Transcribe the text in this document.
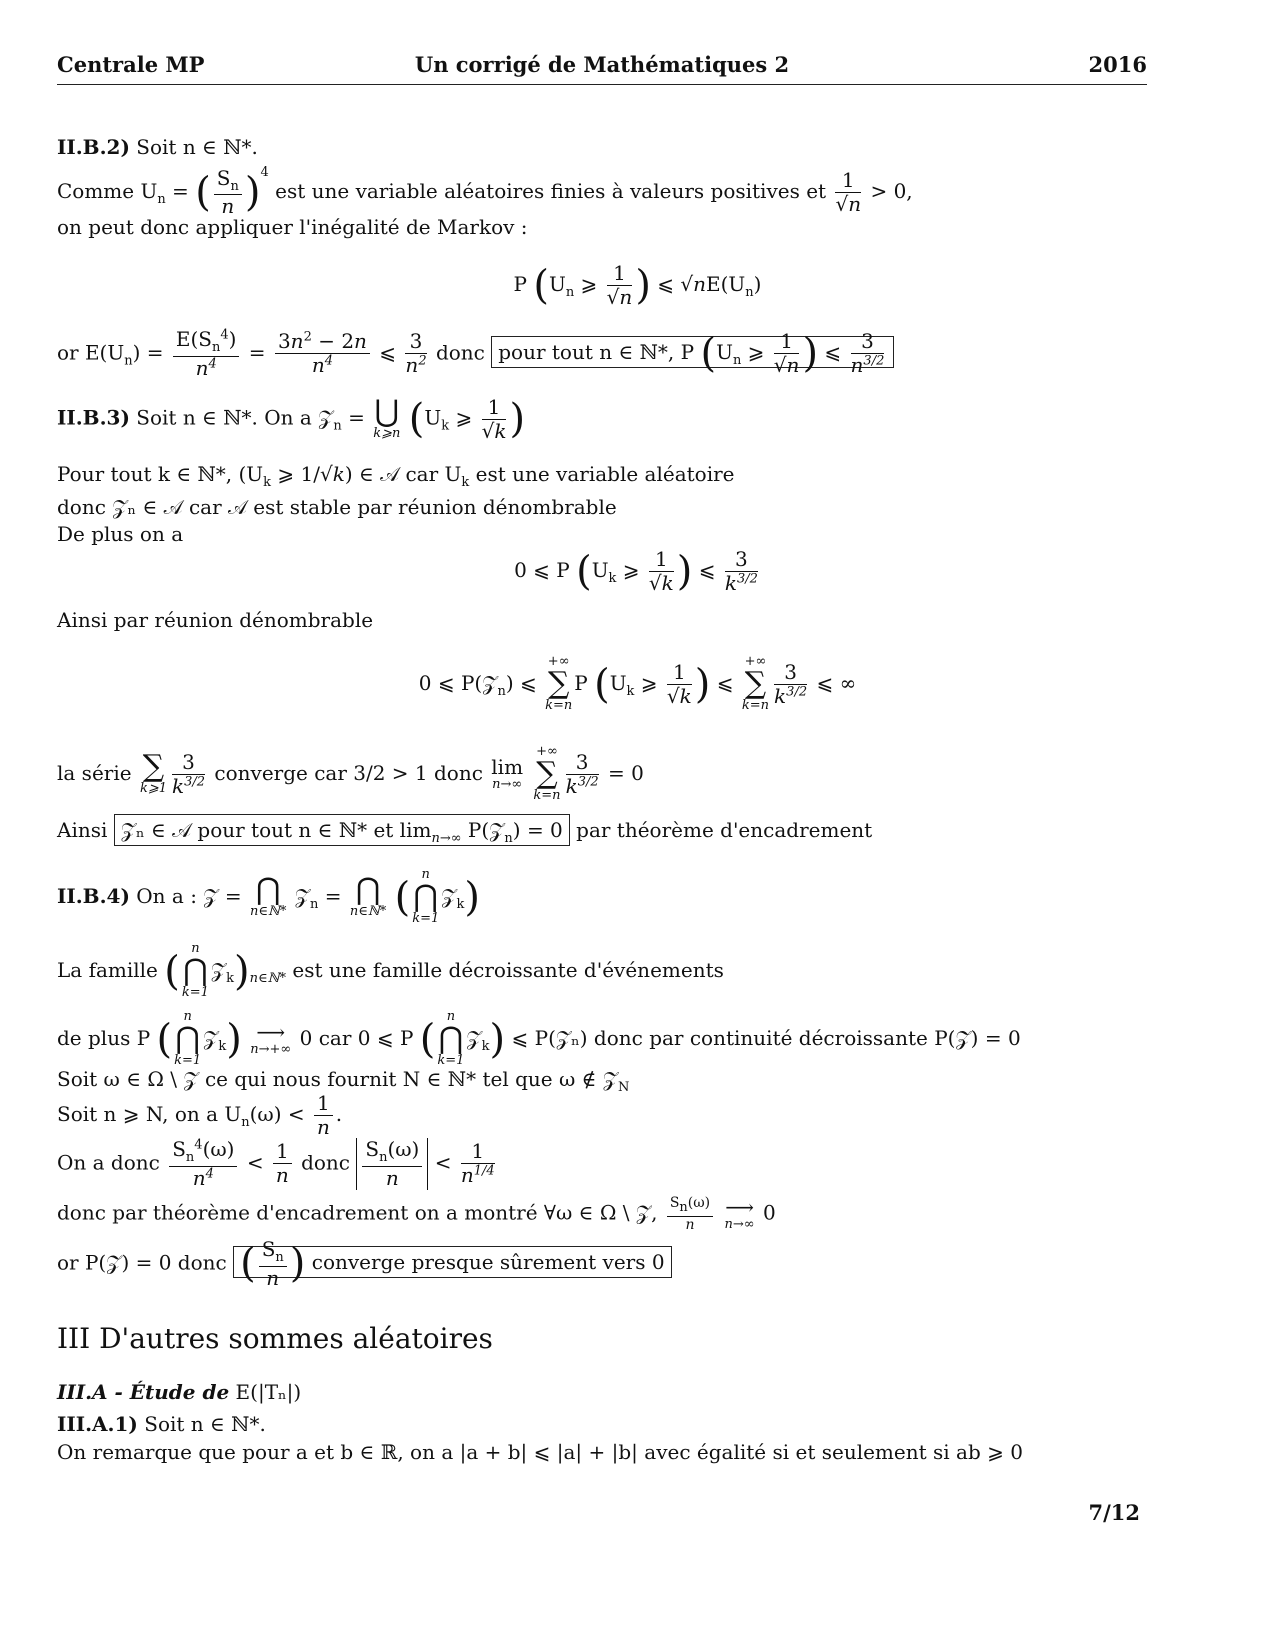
Centrale MP	Un corrigé de Mathématiques 2	2016
II.B.2) Soit n ∈ ℕ*.
Comme $U_n$ = ( $\frac{S_n}{n} )^4$ est une variable aléatoires finies à valeurs positives et $\frac{1}{√n} > 0$,
on peut donc appliquer l'inégalité de Markov :
P ($U_n$ ⩾ $\frac{1}{√n}$ ) ⩽ $√nE(U_n)$
or $E(U_n) = \frac{E(S_n^4)}{n^4} = \frac{3n^2 - 2n}{n^4}$ ⩽ $\frac{3}{n^2}$ donc pour tout n ∈ ℕ*, P ($U_n$ ⩾ $\frac{1}{√n}$ ) ⩽ $\frac{3}{n^{3/2}}$
II.B.3) Soit n ∈ ℕ*. On a 𝒵$_n$ = ⋃
k⩾n ($U_k$ ⩾ $\frac{1}{√k}$ )
Pour tout k ∈ ℕ*, ($U_k$ ⩾ 1/√k) ∈ 𝒜 car $U_k$ est une variable aléatoire
donc 𝒵ₙ ∈ 𝒜 car 𝒜 est stable par réunion dénombrable
De plus on a
0 ⩽ P ($U_k$ ⩾ $\frac{1}{√k}$ ) ⩽ $\frac{3}{k^{3/2}}$
Ainsi par réunion dénombrable
0 ⩽ P(𝒵$_n$) ⩽ +∞
∑
k=nP ($U_k$ ⩾ $\frac{1}{√k}$ ) ⩽ +∞
∑
$k=n \frac{3}{k^{3/2}}$ ⩽ ∞
la série ∑
k⩾1 $\frac{3}{k^{3/2}}$ converge car 3/2 > 1 donc lim
n→∞
+∞
∑
$k=n \frac{3}{k^{3/2}} = 0$
Ainsi 𝒵ₙ ∈ 𝒜 pour tout n ∈ ℕ* et $\lim_{n\to\infty}$ P(𝒵$_n$) = 0 par théorème d'encadrement
II.B.4) On a : 𝒵 = ⋂
n∈ℕ* 𝒵$_n$ = ⋂
n∈ℕ* ( n
⋂
k=1𝒵$_k$)
La famille ( n
⋂
$k=1𝒵_k)_{n\in ℕ*}$ est une famille décroissante d'événements
de plus P ( n
⋂
k=1𝒵$_k$) ⟶
n→+∞ 0 car 0 ⩽ P ( n
⋂
k=1𝒵$_k$) ⩽ P(𝒵ₙ) donc par continuité décroissante P(𝒵) = 0
Soit ω ∈ Ω \ 𝒵 ce qui nous fournit N ∈ ℕ* tel que ω ∉ 𝒵$_N$
Soit n ⩾ N, on a $U_n(\omega) < \frac{1}{n}$ .
On a donc $\frac{S_n^4(\omega)}{n^4} < \frac{1}{n}$ donc $\frac{S_n(\omega)}{n} < \frac{1}{n^{1/4}}$
donc par théorème d'encadrement on a montré ∀ω ∈ Ω \ 𝒵, $\frac{S_n(\omega)}{n}$ ⟶
n→∞ 0
or P(𝒵) = 0 donc ( $\frac{S_n}{n}$ ) converge presque sûrement vers 0
III D'autres sommes aléatoires
III.A - Étude de E(|Tₙ|)
III.A.1) Soit n ∈ ℕ*.
On remarque que pour a et b ∈ ℝ, on a |a + b| ⩽ |a| + |b| avec égalité si et seulement si ab ⩾ 0
7/12
